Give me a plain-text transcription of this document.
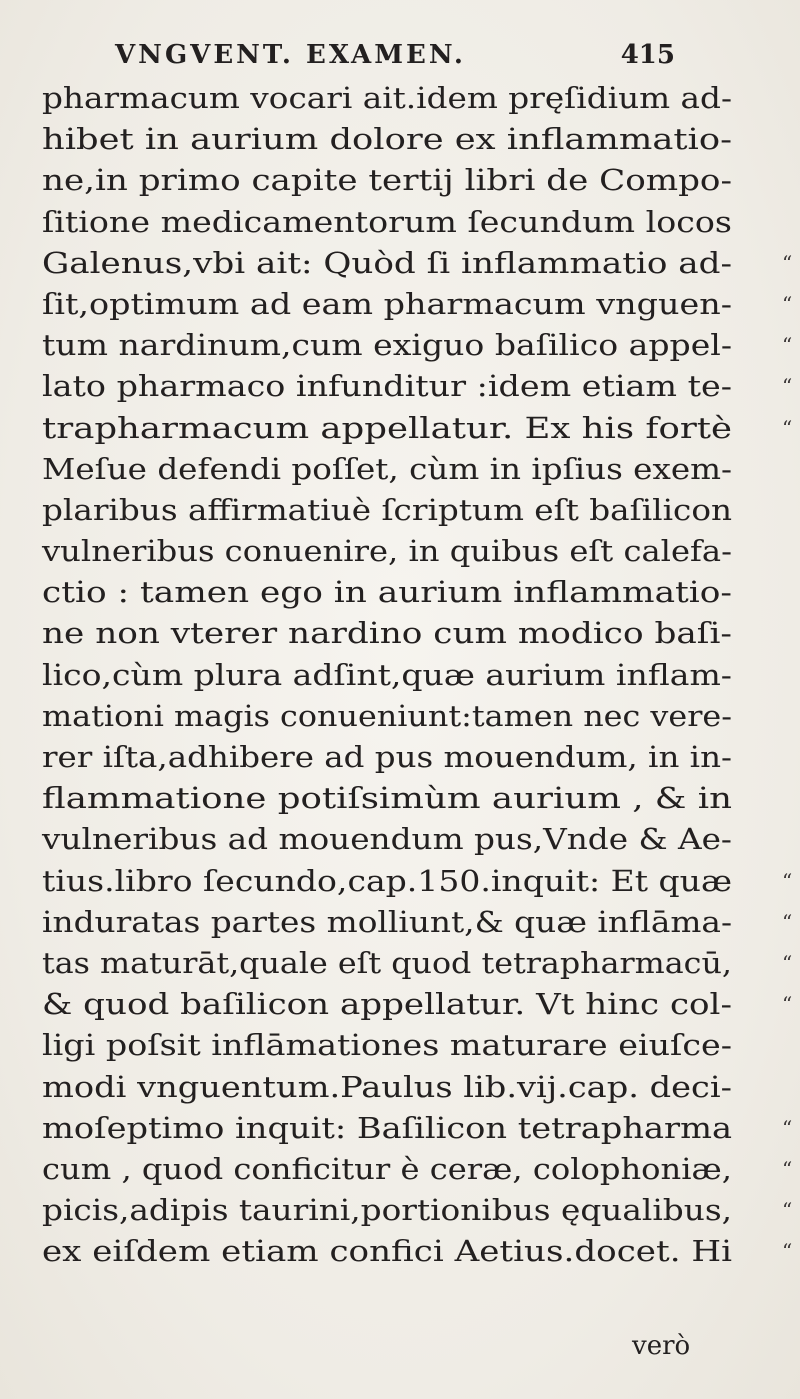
VNGVENT. EXAMEN.	415
pharmacum vocari ait.idem pręſidium ad-
hibet in aurium dolore ex inflammatio-
ne,in primo capite tertij libri de Compo-
ſitione medicamentorum ſecundum locos
Galenus,vbi ait: Quòd ſi inflammatio ad- “
ſit,optimum ad eam pharmacum vnguen-	“
tum nardinum,cum exiguo baſilico appel- “
lato pharmaco infunditur :idem etiam te-	“
trapharmacum appellatur. Ex his fortè “
Meſue defendi poſſet, cùm in ipſius exem-
plaribus affirmatiuè ſcriptum eſt baſilicon
vulneribus conuenire, in quibus eſt calefa-
ctio : tamen ego in aurium inflammatio-
ne non vterer nardino cum modico baſi-
lico,cùm plura adſint,quæ aurium inflam-
mationi magis conueniunt:tamen nec vere-
rer iſta,adhibere ad pus mouendum, in in-
flammatione potiſsimùm aurium , & in
vulneribus ad mouendum pus,Vnde & Ae-
tius.libro ſecundo,cap.150.inquit: Et quæ “
induratas partes molliunt,& quæ inflāma- “
tas maturāt,quale eſt quod tetrapharmacū,	“
& quod baſilicon appellatur. Vt hinc col-	“
ligi poſsit inflāmationes maturare eiuſce-
modi vnguentum.Paulus lib.vij.cap. deci-
moſeptimo inquit: Baſilicon tetrapharma “
cum , quod conficitur è ceræ, colophoniæ,	“
picis,adipis taurini,portionibus ęqualibus, “
ex eiſdem etiam confici Aetius.docet. Hi “
verò
